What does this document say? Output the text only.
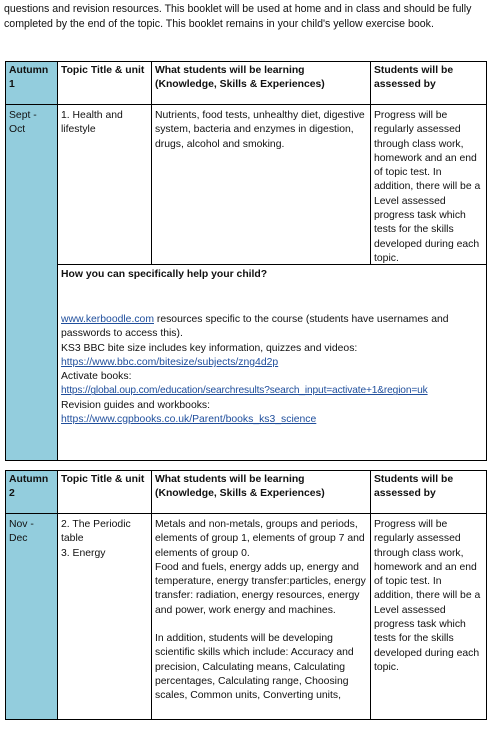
questions and revision resources. This booklet will be used at home and in class and should be fully completed by the end of the topic. This booklet remains in your child's yellow exercise book.
Autumn 1
Topic Title & unit	What students will be learning (Knowledge, Skills & Experiences)
Students will be assessed by
Sept - Oct
1. Health and lifestyle
Nutrients, food tests, unhealthy diet, digestive system, bacteria and enzymes in digestion, drugs, alcohol and smoking.
Progress will be regularly assessed through class work, homework and an end of topic test. In addition, there will be a Level assessed progress task which tests for the skills developed during each topic.
How you can specifically help your child?
www.kerboodle.com resources specific to the course (students have usernames and passwords to access this).
KS3 BBC bite size includes key information, quizzes and videos:
https://www.bbc.com/bitesize/subjects/zng4d2p
Activate books:
https://global.oup.com/education/searchresults?search_input=activate+1&region=uk
Revision guides and workbooks:
https://www.cgpbooks.co.uk/Parent/books_ks3_science
Autumn 2
Topic Title & unit	What students will be learning (Knowledge, Skills & Experiences)
Students will be assessed by
Nov - Dec
2. The Periodic table
3. Energy
Metals and non-metals, groups and periods, elements of group 1, elements of group 7 and elements of group 0.
Food and fuels, energy adds up, energy and temperature, energy transfer:particles, energy transfer: radiation, energy resources, energy and power, work energy and machines.
In addition, students will be developing scientific skills which include: Accuracy and precision, Calculating means, Calculating percentages, Calculating range, Choosing scales, Common units, Converting units,
Progress will be regularly assessed through class work, homework and an end of topic test. In addition, there will be a Level assessed progress task which tests for the skills developed during each topic.
